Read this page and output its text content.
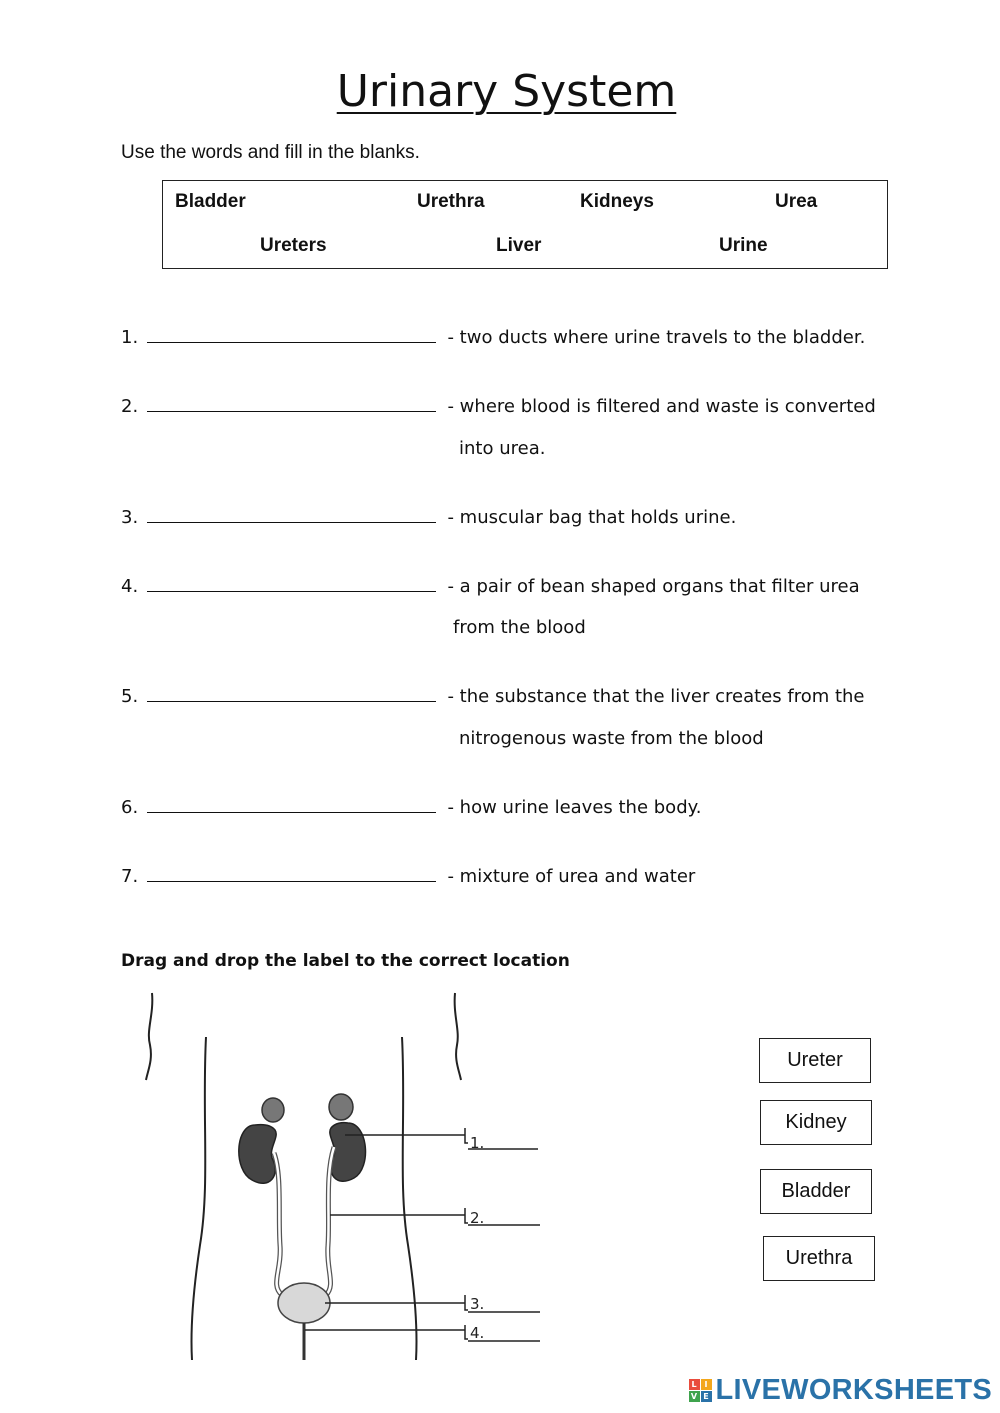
Urinary System
Use the words and fill in the blanks.
Bladder	Urethra	Kidneys	Urea
Ureters	Liver	Urine
1.	- two ducts where urine travels to the bladder.
2.	- where blood is filtered and waste is converted
into urea.
3.	- muscular bag that holds urine.
4.	- a pair of bean shaped organs that filter urea
from the blood
5.	- the substance that the liver creates from the
nitrogenous waste from the blood
6.	- how urine leaves the body.
7.	- mixture of urea and water
Drag and drop the label to the correct location
1.
2.
3.
4.
Ureter
Kidney
Bladder
Urethra
L I
V E LIVEWORKSHEETS
